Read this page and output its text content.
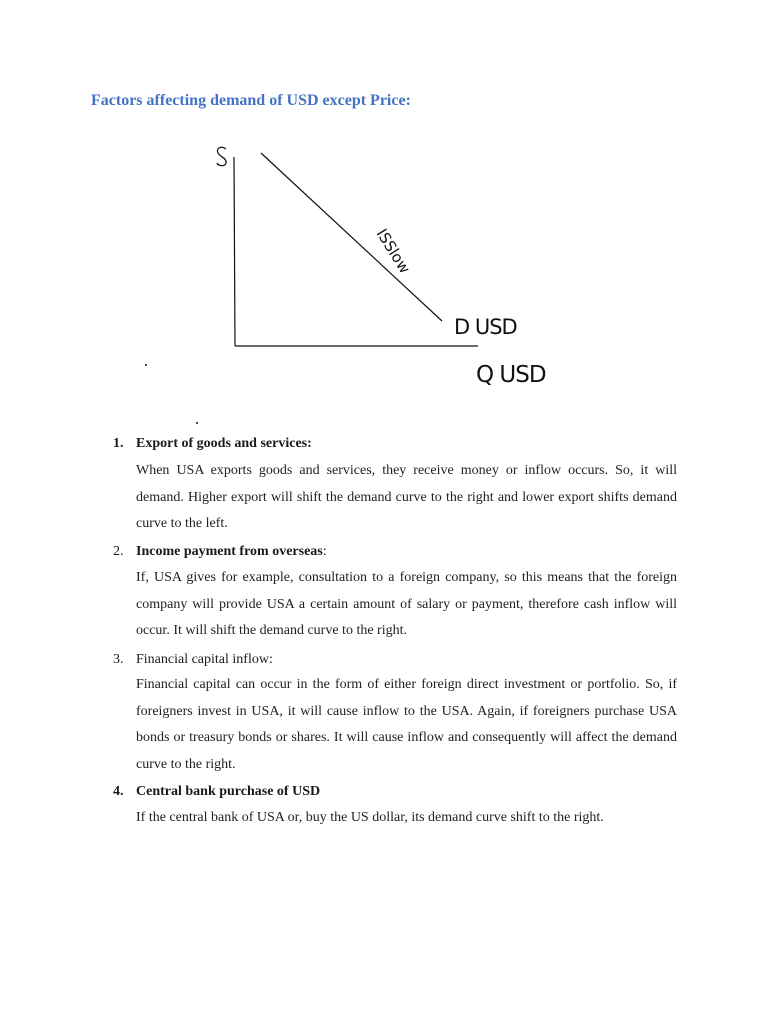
Factors affecting demand of USD except Price:
ISSlow
D USD
Q USD
1. Export of goods and services:
When USA exports goods and services, they receive money or inflow occurs. So, it will demand. Higher export will shift the demand curve to the right and lower export shifts demand curve to the left.
2. Income payment from overseas:
If, USA gives for example, consultation to a foreign company, so this means that the foreign company will provide USA a certain amount of salary or payment, therefore cash inflow will occur. It will shift the demand curve to the right.
3. Financial capital inflow:
Financial capital can occur in the form of either foreign direct investment or portfolio. So, if foreigners invest in USA, it will cause inflow to the USA. Again, if foreigners purchase USA bonds or treasury bonds or shares. It will cause inflow and consequently will affect the demand curve to the right.
4. Central bank purchase of USD
If the central bank of USA or, buy the US dollar, its demand curve shift to the right.
